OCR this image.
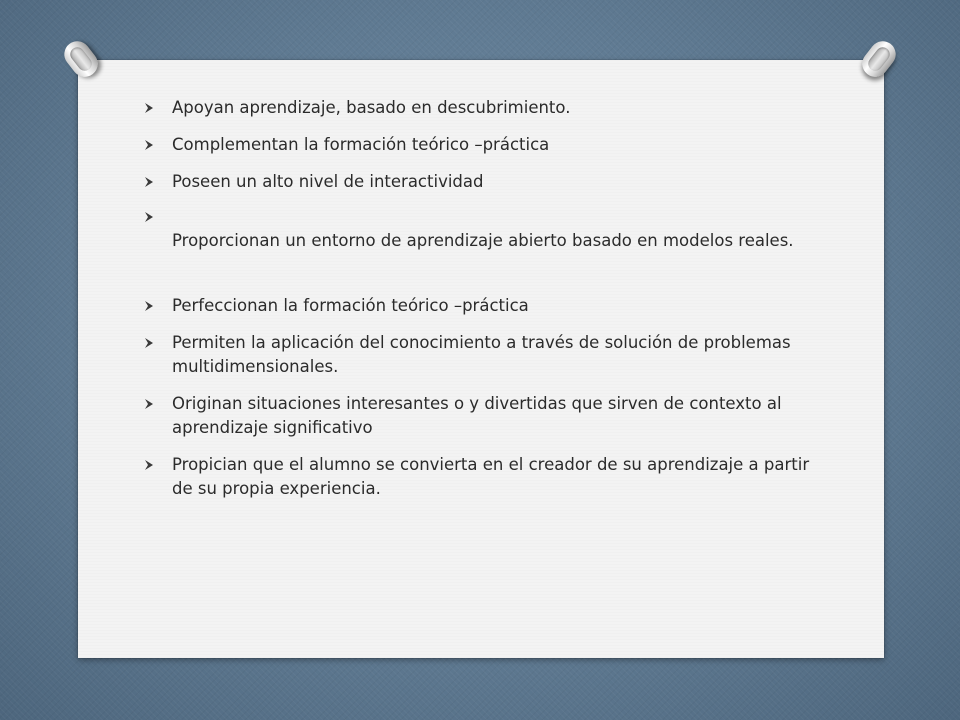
Apoyan aprendizaje, basado en descubrimiento.
Complementan la formación teórico –práctica
Poseen un alto nivel de interactividad
Proporcionan un entorno de aprendizaje abierto basado en modelos reales.
Perfeccionan la formación teórico –práctica
Permiten la aplicación del conocimiento a través de solución de problemas multidimensionales.
Originan situaciones interesantes o y divertidas que sirven de contexto al aprendizaje significativo
Propician que el alumno se convierta en el creador de su aprendizaje a partir de su propia experiencia.
